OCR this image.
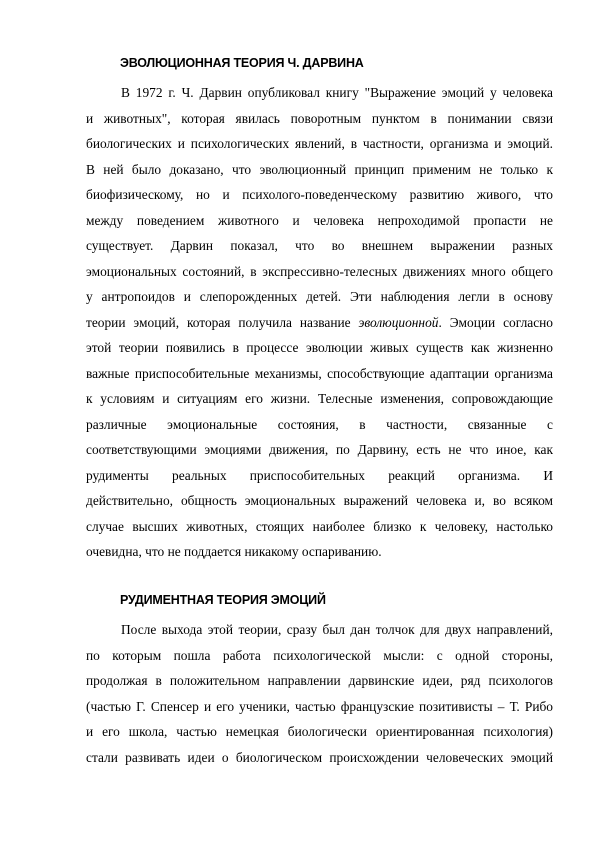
ЭВОЛЮЦИОННАЯ ТЕОРИЯ Ч. ДАРВИНА
В 1972 г. Ч. Дарвин опубликовал книгу "Выражение эмоций у человека
и животных", которая явилась поворотным пунктом в понимании связи
биологических и психологических явлений, в частности, организма и эмоций.
В ней было доказано, что эволюционный принцип применим не только к
биофизическому, но и психолого-поведенческому развитию живого, что
между поведением животного и человека непроходимой пропасти не
существует. Дарвин показал, что во внешнем выражении разных
эмоциональных состояний, в экспрессивно-телесных движениях много общего
у антропоидов и слепорожденных детей. Эти наблюдения легли в основу
теории эмоций, которая получила название эволюционной. Эмоции согласно
этой теории появились в процессе эволюции живых существ как жизненно
важные приспособительные механизмы, способствующие адаптации организма
к условиям и ситуациям его жизни. Телесные изменения, сопровождающие
различные эмоциональные состояния, в частности, связанные с
соответствующими эмоциями движения, по Дарвину, есть не что иное, как
рудименты реальных приспособительных реакций организма. И
действительно, общность эмоциональных выражений человека и, во всяком
случае высших животных, стоящих наиболее близко к человеку, настолько
очевидна, что не поддается никакому оспариванию.
РУДИМЕНТНАЯ ТЕОРИЯ ЭМОЦИЙ
После выхода этой теории, сразу был дан толчок для двух направлений,
по которым пошла работа психологической мысли: с одной стороны,
продолжая в положительном направлении дарвинские идеи, ряд психологов
(частью Г. Спенсер и его ученики, частью французские позитивисты – Т. Рибо
и его школа, частью немецкая биологически ориентированная психология)
стали развивать идеи о биологическом происхождении человеческих эмоций
